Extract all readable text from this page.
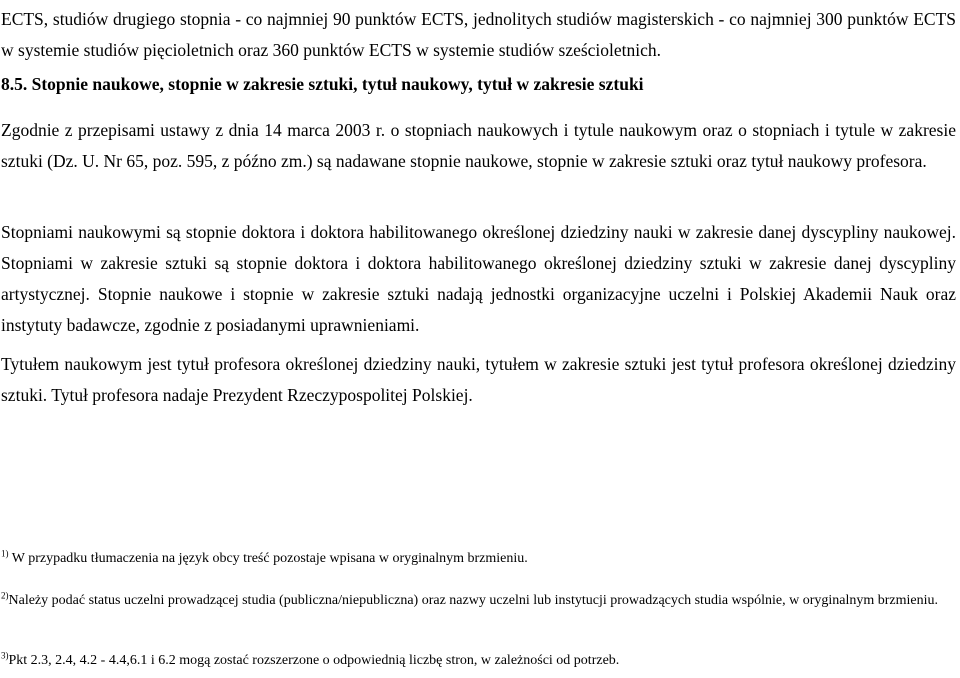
ECTS, studiów drugiego stopnia - co najmniej 90 punktów ECTS, jednolitych studiów magisterskich - co najmniej 300 punktów ECTS w systemie studiów pięcioletnich oraz 360 punktów ECTS w systemie studiów sześcioletnich.

8.5. Stopnie naukowe, stopnie w zakresie sztuki, tytuł naukowy, tytuł w zakresie sztuki

Zgodnie z przepisami ustawy z dnia 14 marca 2003 r. o stopniach naukowych i tytule naukowym oraz o stopniach i tytule w zakresie sztuki (Dz. U. Nr 65, poz. 595, z późno zm.) są nadawane stopnie naukowe, stopnie w zakresie sztuki oraz tytuł naukowy profesora.

Stopniami naukowymi są stopnie doktora i doktora habilitowanego określonej dziedziny nauki w zakresie danej dyscypliny naukowej. Stopniami w zakresie sztuki są stopnie doktora i doktora habilitowanego określonej dziedziny sztuki w zakresie danej dyscypliny artystycznej. Stopnie naukowe i stopnie w zakresie sztuki nadają jednostki organizacyjne uczelni i Polskiej Akademii Nauk oraz instytuty badawcze, zgodnie z posiadanymi uprawnieniami.

Tytułem naukowym jest tytuł profesora określonej dziedziny nauki, tytułem w zakresie sztuki jest tytuł profesora określonej dziedziny sztuki. Tytuł profesora nadaje Prezydent Rzeczypospolitej Polskiej.

$^{1)}$ W przypadku tłumaczenia na język obcy treść pozostaje wpisana w oryginalnym brzmieniu.

$^{2)}$Należy podać status uczelni prowadzącej studia (publiczna/niepubliczna) oraz nazwy uczelni lub instytucji prowadzących studia wspólnie, w oryginalnym brzmieniu.

$^{3)}$Pkt 2.3, 2.4, 4.2 - 4.4,6.1 i 6.2 mogą zostać rozszerzone o odpowiednią liczbę stron, w zależności od potrzeb.
